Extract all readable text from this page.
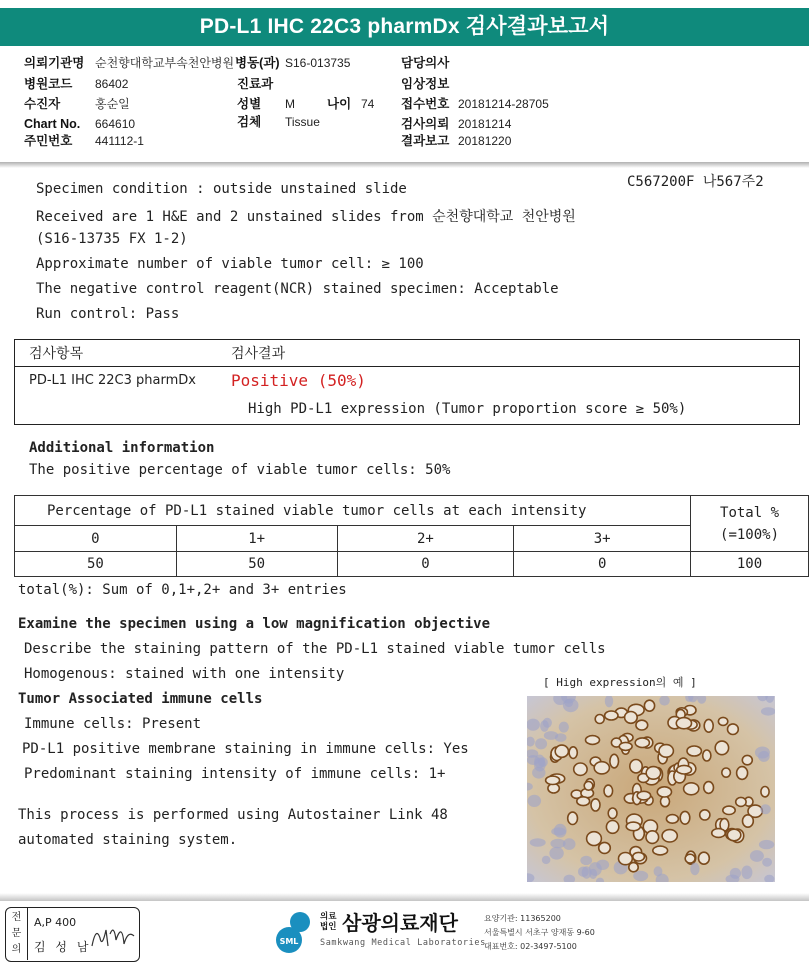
PD-L1 IHC 22C3 pharmDx 검사결과보고서
의뢰기관명 순천향대학교부속천안병원 병동(과) S16-013735
병원코드 86402
수진자	홍순일
Chart No. 664610
주민번호 441112-1
진료과
성별 M	나이 74
검체 Tissue
담당의사
임상정보
접수번호 20181214-28705
검사의뢰 20181214
결과보고 20181220
C567200F 나567주2
Specimen condition : outside unstained slide
Received are 1 H&E and 2 unstained slides from 순천향대학교 천안병원
(S16-13735 FX 1-2)
Approximate number of viable tumor cell: ≥ 100
The negative control reagent(NCR) stained specimen: Acceptable
Run control: Pass
검사항목	검사결과
PD-L1 IHC 22C3 pharmDx Positive (50%)
High PD-L1 expression (Tumor proportion score ≥ 50%)
Additional information
The positive percentage of viable tumor cells: 50%
Percentage of PD-L1 stained viable tumor cells at each intensity				Total %
(=100%)
0	1+	2+	3+	
50	50	0	0	100
total(%): Sum of 0,1+,2+ and 3+ entries
Examine the specimen using a low magnification objective
Describe the staining pattern of the PD-L1 stained viable tumor cells
Homogenous: stained with one intensity
[ High expression의 예 ]
Tumor Associated immune cells
Immune cells: Present
PD-L1 positive membrane staining in immune cells: Yes
Predominant staining intensity of immune cells: 1+
This process is performed using Autostainer Link 48
automated staining system.
전
문
의
A,P 400
김 성 남	SML
의료
법인 삼광의료재단
Samkwang Medical Laboratories
요양기관: 11365200
서울특별시 서초구 양재동 9-60
대표번호: 02-3497-5100
